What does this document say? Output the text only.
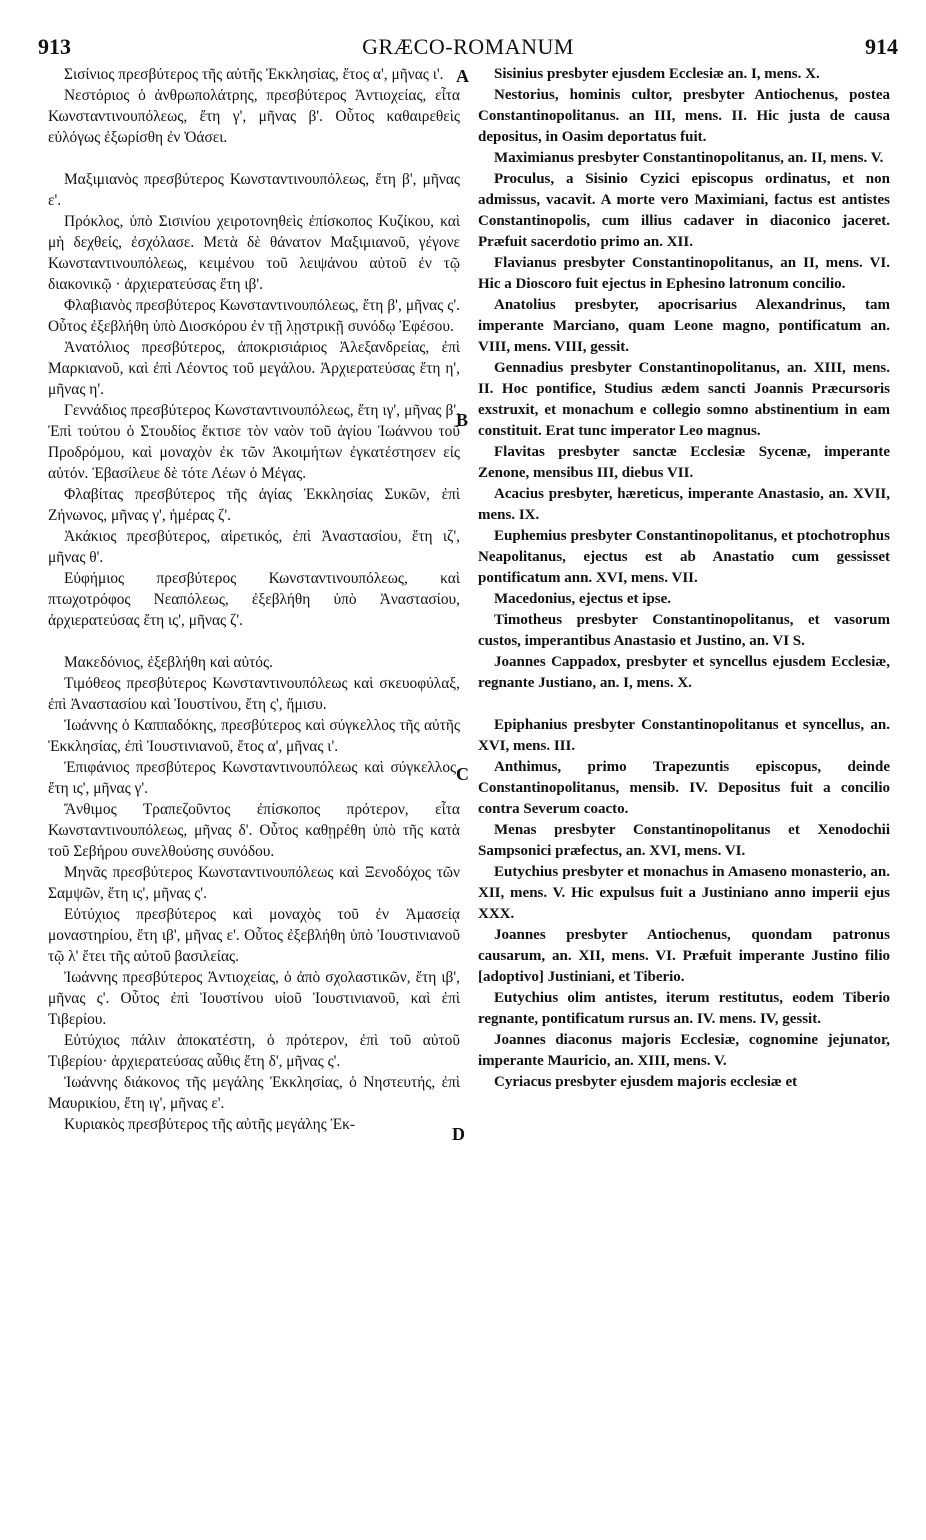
913	GRÆCO-ROMANUM	914
A
B
C
D

Σισίνιος πρεσβύτερος τῆς αὐτῆς Ἐκκλησίας, ἔτος α', μῆνας ι'.

Νεστόριος ὁ ἀνθρωπολάτρης, πρεσβύτερος Ἀντιοχείας, εἶτα Κωνσταντινουπόλεως, ἔτη γ', μῆνας β'. Οὗτος καθαιρεθεὶς εὐλόγως ἐξωρίσθη ἐν Ὀάσει.

Μαξιμιανὸς πρεσβύτερος Κωνσταντινουπόλεως, ἔτη β', μῆνας ε'.

Πρόκλος, ὑπὸ Σισινίου χειροτονηθεὶς ἐπίσκοπος Κυζίκου, καὶ μὴ δεχθείς, ἐσχόλασε. Μετὰ δὲ θάνατον Μαξιμιανοῦ, γέγονε Κωνσταντινουπόλεως, κειμένου τοῦ λειψάνου αὐτοῦ ἐν τῷ διακονικῷ · ἀρχιερατεύσας ἔτη ιβ'.

Φλαβιανὸς πρεσβύτερος Κωνσταντινουπόλεως, ἔτη β', μῆνας ς'. Οὗτος ἐξεβλήθη ὑπὸ Διοσκόρου ἐν τῇ λῃστρικῇ συνόδῳ Ἐφέσου.

Ἀνατόλιος πρεσβύτερος, ἀποκρισιάριος Ἀλεξανδρείας, ἐπὶ Μαρκιανοῦ, καὶ ἐπὶ Λέοντος τοῦ μεγάλου. Ἀρχιερατεύσας ἔτη η', μῆνας η'.

Γεννάδιος πρεσβύτερος Κωνσταντινουπόλεως, ἔτη ιγ', μῆνας β'. Ἐπὶ τούτου ὁ Στουδίος ἔκτισε τὸν ναὸν τοῦ ἁγίου Ἰωάννου τοῦ Προδρόμου, καὶ μοναχὸν ἐκ τῶν Ἀκοιμήτων ἐγκατέστησεν εἰς αὐτόν. Ἐβασίλευε δὲ τότε Λέων ὁ Μέγας.

Φλαβίτας πρεσβύτερος τῆς ἁγίας Ἐκκλησίας Συκῶν, ἐπὶ Ζήνωνος, μῆνας γ', ἡμέρας ζ'.

Ἀκάκιος πρεσβύτερος, αἱρετικός, ἐπὶ Ἀναστασίου, ἔτη ιζ', μῆνας θ'.

Εὐφήμιος πρεσβύτερος Κωνσταντινουπόλεως, καὶ πτωχοτρόφος Νεαπόλεως, ἐξεβλήθη ὑπὸ Ἀναστασίου, ἀρχιερατεύσας ἔτη ις', μῆνας ζ'.

Μακεδόνιος, ἐξεβλήθη καὶ αὐτός.

Τιμόθεος πρεσβύτερος Κωνσταντινουπόλεως καὶ σκευοφύλαξ, ἐπὶ Ἀναστασίου καὶ Ἰουστίνου, ἔτη ς', ἥμισυ.

Ἰωάννης ὁ Καππαδόκης, πρεσβύτερος καὶ σύγκελλος τῆς αὐτῆς Ἐκκλησίας, ἐπὶ Ἰουστινιανοῦ, ἔτος α', μῆνας ι'.

Ἐπιφάνιος πρεσβύτερος Κωνσταντινουπόλεως καὶ σύγκελλος, ἔτη ις', μῆνας γ'.

Ἄνθιμος Τραπεζοῦντος ἐπίσκοπος πρότερον, εἶτα Κωνσταντινουπόλεως, μῆνας δ'. Οὗτος καθῃρέθη ὑπὸ τῆς κατὰ τοῦ Σεβήρου συνελθούσης συνόδου.

Μηνᾶς πρεσβύτερος Κωνσταντινουπόλεως καὶ Ξενοδόχος τῶν Σαμψῶν, ἔτη ις', μῆνας ς'.

Εὐτύχιος πρεσβύτερος καὶ μοναχὸς τοῦ ἐν Ἀμασείᾳ μοναστηρίου, ἔτη ιβ', μῆνας ε'. Οὗτος ἐξεβλήθη ὑπὸ Ἰουστινιανοῦ τῷ λ' ἔτει τῆς αὐτοῦ βασιλείας.

Ἰωάννης πρεσβύτερος Ἀντιοχείας, ὁ ἀπὸ σχολαστικῶν, ἔτη ιβ', μῆνας ς'. Οὗτος ἐπὶ Ἰουστίνου υἱοῦ Ἰουστινιανοῦ, καὶ ἐπὶ Τιβερίου.

Εὐτύχιος πάλιν ἀποκατέστη, ὁ πρότερον, ἐπὶ τοῦ αὐτοῦ Τιβερίου· ἀρχιερατεύσας αὖθις ἔτη δ', μῆνας ς'.

Ἰωάννης διάκονος τῆς μεγάλης Ἐκκλησίας, ὁ Νηστευτής, ἐπὶ Μαυρικίου, ἔτη ιγ', μῆνας ε'.

Κυριακὸς πρεσβύτερος τῆς αὐτῆς μεγάλης Ἐκ-

Sisinius presbyter ejusdem Ecclesiæ an. I, mens. X.

Nestorius, hominis cultor, presbyter Antiochenus, postea Constantinopolitanus. an III, mens. II. Hic justa de causa depositus, in Oasim deportatus fuit.

Maximianus presbyter Constantinopolitanus, an. II, mens. V.

Proculus, a Sisinio Cyzici episcopus ordinatus, et non admissus, vacavit. A morte vero Maximiani, factus est antistes Constantinopolis, cum illius cadaver in diaconico jaceret. Præfuit sacerdotio primo an. XII.

Flavianus presbyter Constantinopolitanus, an II, mens. VI. Hic a Dioscoro fuit ejectus in Ephesino latronum concilio.

Anatolius presbyter, apocrisarius Alexandrinus, tam imperante Marciano, quam Leone magno, pontificatum an. VIII, mens. VIII, gessit.

Gennadius presbyter Constantinopolitanus, an. XIII, mens. II. Hoc pontifice, Studius ædem sancti Joannis Præcursoris exstruxit, et monachum e collegio somno abstinentium in eam constituit. Erat tunc imperator Leo magnus.

Flavitas presbyter sanctæ Ecclesiæ Sycenæ, imperante Zenone, mensibus III, diebus VII.

Acacius presbyter, hæreticus, imperante Anastasio, an. XVII, mens. IX.

Euphemius presbyter Constantinopolitanus, et ptochotrophus Neapolitanus, ejectus est ab Anastatio cum gessisset pontificatum ann. XVI, mens. VII.

Macedonius, ejectus et ipse.

Timotheus presbyter Constantinopolitanus, et vasorum custos, imperantibus Anastasio et Justino, an. VI S.

Joannes Cappadox, presbyter et syncellus ejusdem Ecclesiæ, regnante Justiano, an. I, mens. X.

Epiphanius presbyter Constantinopolitanus et syncellus, an. XVI, mens. III.

Anthimus, primo Trapezuntis episcopus, deinde Constantinopolitanus, mensib. IV. Depositus fuit a concilio contra Severum coacto.

Menas presbyter Constantinopolitanus et Xenodochii Sampsonici præfectus, an. XVI, mens. VI.

Eutychius presbyter et monachus in Amaseno monasterio, an. XII, mens. V. Hic expulsus fuit a Justiniano anno imperii ejus XXX.

Joannes presbyter Antiochenus, quondam patronus causarum, an. XII, mens. VI. Præfuit imperante Justino filio [adoptivo] Justiniani, et Tiberio.

Eutychius olim antistes, iterum restitutus, eodem Tiberio regnante, pontificatum rursus an. IV. mens. IV, gessit.

Joannes diaconus majoris Ecclesiæ, cognomine jejunator, imperante Mauricio, an. XIII, mens. V.

Cyriacus presbyter ejusdem majoris ecclesiæ et
